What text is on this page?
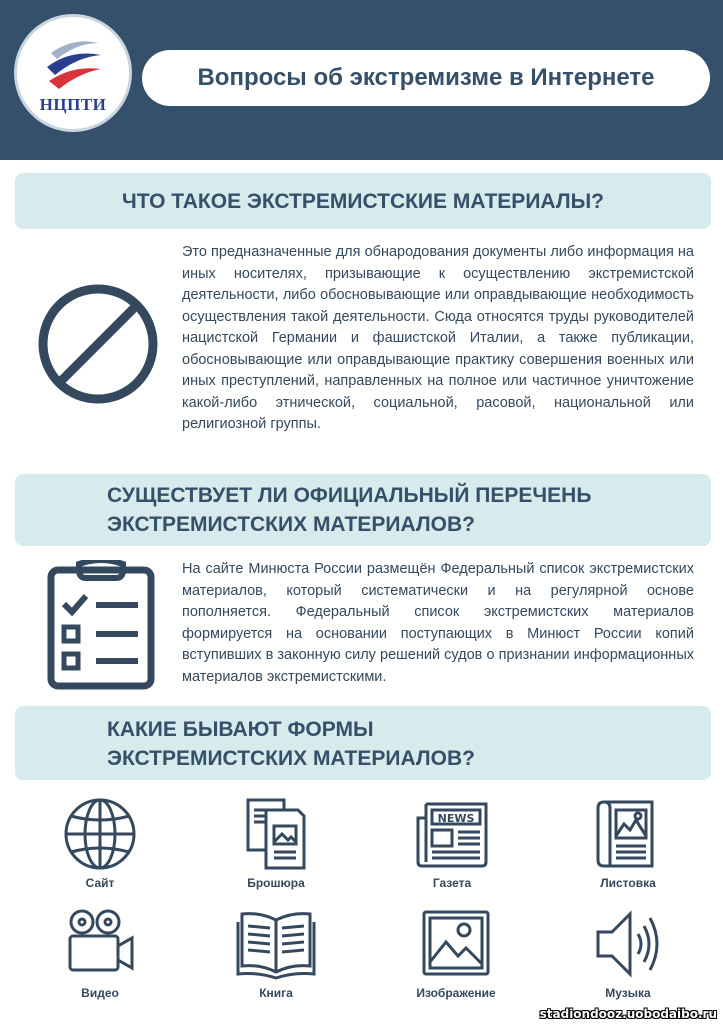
НЦПТИ
Вопросы об экстремизме в Интернете
ЧТО ТАКОЕ ЭКСТРЕМИСТСКИЕ МАТЕРИАЛЫ?
Это предназначенные для обнародования документы либо информация на иных носителях, призывающие к осуществлению экстремистской деятельности, либо обосновывающие или оправдывающие необходимость осуществления такой деятельности. Сюда относятся труды руководителей нацистской Германии и фашистской Италии, а также публикации, обосновывающие или оправдывающие практику совершения военных или иных преступлений, направленных на полное или частичное уничтожение какой-либо этнической, социальной, расовой, национальной или религиозной группы.
СУЩЕСТВУЕТ ЛИ ОФИЦИАЛЬНЫЙ ПЕРЕЧЕНЬ
ЭКСТРЕМИСТСКИХ МАТЕРИАЛОВ?
На сайте Минюста России размещён Федеральный список экстремистских материалов, который систематически и на регулярной основе пополняется. Федеральный список экстремистских материалов формируется на основании поступающих в Минюст России копий вступивших в законную силу решений судов о признании информационных материалов экстремистскими.
КАКИЕ БЫВАЮТ ФОРМЫ
ЭКСТРЕМИСТСКИХ МАТЕРИАЛОВ?
Сайт	Брошюра
NEWS
Газета	Листовка
Видео	Книга	Изображение	Музыка
stadiondooz.uobodaibo.ru
